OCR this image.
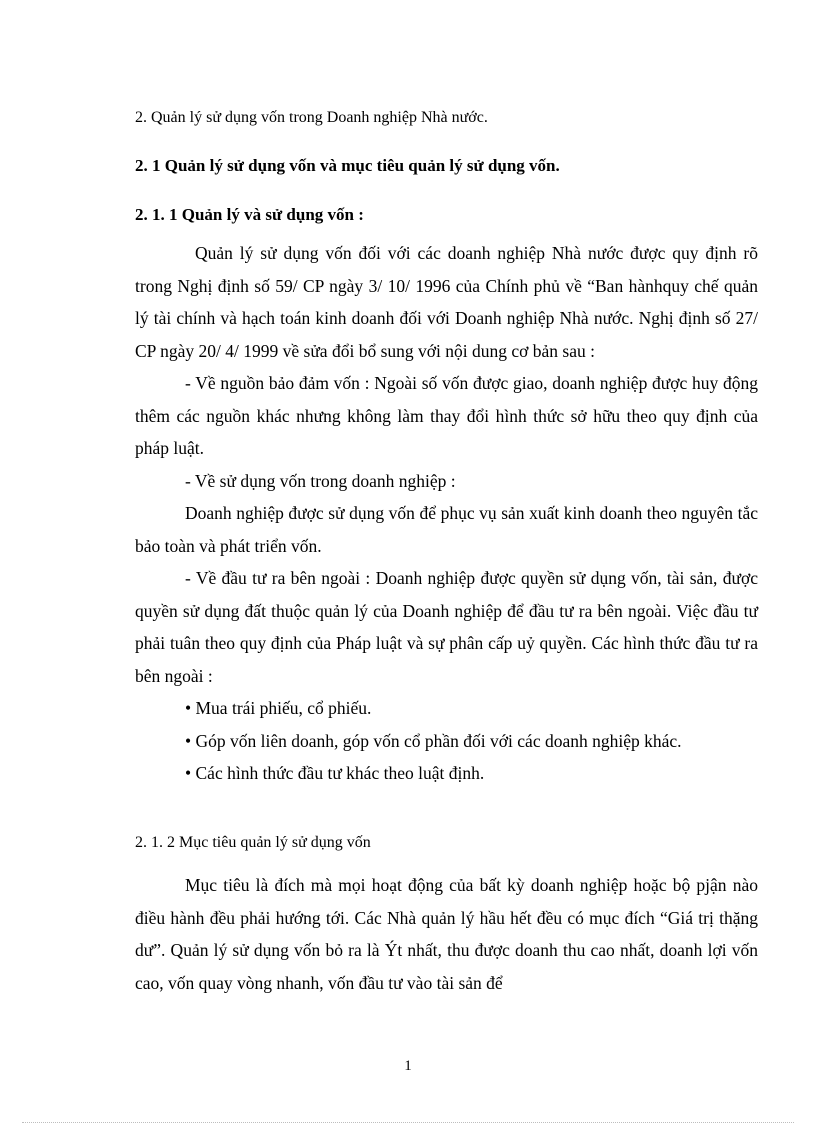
2. Quản lý sử dụng vốn trong Doanh nghiệp Nhà nước.
2. 1 Quản lý sử dụng vốn và mục tiêu quản lý sử dụng vốn.
2. 1. 1 Quản lý và sử dụng vốn :

Quản lý sử dụng vốn đối với các doanh nghiệp Nhà nước được quy định rõ trong Nghị định số 59/ CP ngày 3/ 10/ 1996 của Chính phủ về “Ban hànhquy chế quản lý tài chính và hạch toán kinh doanh đối với Doanh nghiệp Nhà nước. Nghị định số 27/ CP ngày 20/ 4/ 1999 về sửa đổi bổ sung với nội dung cơ bản sau :

- Về nguồn bảo đảm vốn : Ngoài số vốn được giao, doanh nghiệp được huy động thêm các nguồn khác nhưng không làm thay đổi hình thức sở hữu theo quy định của pháp luật.

- Về sử dụng vốn trong doanh nghiệp :

Doanh nghiệp được sử dụng vốn để phục vụ sản xuất kinh doanh theo nguyên tắc bảo toàn và phát triển vốn.

- Về đầu tư ra bên ngoài : Doanh nghiệp được quyền sử dụng vốn, tài sản, được quyền sử dụng đất thuộc quản lý của Doanh nghiệp để đầu tư ra bên ngoài. Việc đầu tư phải tuân theo quy định của Pháp luật và sự phân cấp uỷ quyền. Các hình thức đầu tư ra bên ngoài :

• Mua trái phiếu, cổ phiếu.

• Góp vốn liên doanh, góp vốn cổ phần đối với các doanh nghiệp khác.

• Các hình thức đầu tư khác theo luật định.

2. 1. 2 Mục tiêu quản lý sử dụng vốn

Mục tiêu là đích mà mọi hoạt động của bất kỳ doanh nghiệp hoặc bộ pjận nào điều hành đều phải hướng tới. Các Nhà quản lý hầu hết đều có mục đích “Giá trị thặng dư”. Quản lý sử dụng vốn bỏ ra là Ýt nhất, thu được doanh thu cao nhất, doanh lợi vốn cao, vốn quay vòng nhanh, vốn đầu tư vào tài sản để

1
